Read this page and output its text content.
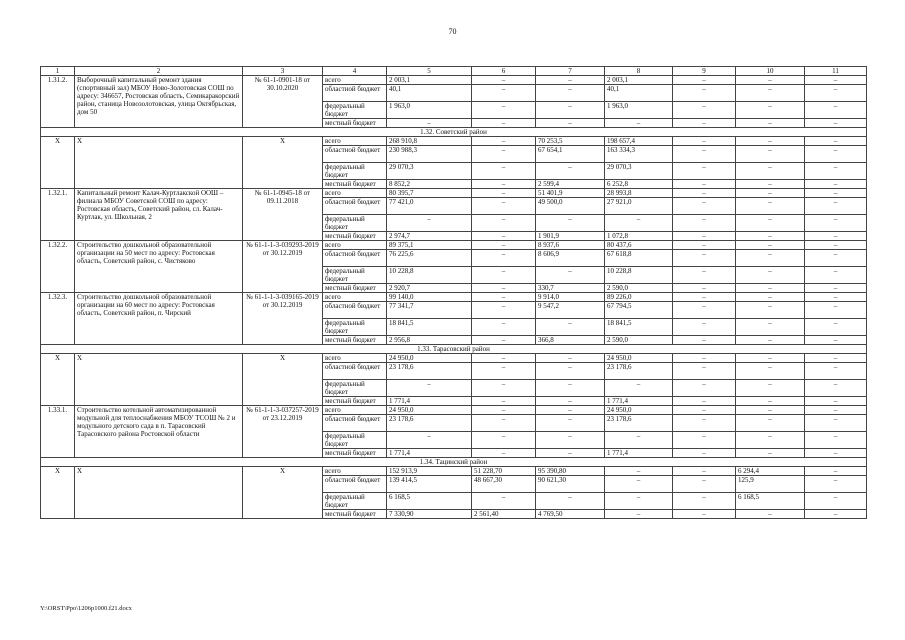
70
1	2	3	4	5	6	7	8	9	10	11
1.31.2.	Выборочный капитальный ремонт здания (спортивный зал) МБОУ Ново-Золотовская СОШ по адресу: 346657, Ростовская область, Семикаракорский район, станица Новозолотовская, улица Октябрьская, дом 50	№ 61-1-0901-18 от 30.10.2020	всего	2 003,1	–	–	2 003,1	–	–	–
			областной бюджет	40,1	–	–	40,1	–	–	–
			федеральный бюджет	1 963,0	–	–	1 963,0	–	–	–
			местный бюджет	–	–	–	–	–	–	–
1.32. Советский район										
Х	Х	Х	всего	268 910,8	–	70 253,5	198 657,4	–	–	–
			областной бюджет	230 988,3	–	67 654,1	163 334,3	–	–	–
			федеральный бюджет	29 070,3	–	–	29 070,3	–	–	–
			местный бюджет	8 852,2	–	2 599,4	6 252,8	–	–	–
1.32.1.	Капитальный ремонт Калач-Куртлакской ООШ – филиала МБОУ Советской СОШ по адресу: Ростовская область, Советский район, сл. Калач-Куртлак, ул. Школьная, 2	№ 61-1-0945-18 от 09.11.2018	всего	80 395,7	–	51 401,9	28 993,8	–	–	–
			областной бюджет	77 421,0	–	49 500,0	27 921,0	–	–	–
			федеральный бюджет	–	–	–	–	–	–	–
			местный бюджет	2 974,7	–	1 901,9	1 072,8	–	–	–
1.32.2.	Строительство дошкольной образовательной организации на 50 мест по адресу: Ростовская область, Советский район, с. Чистяково	№ 61-1-1-3-039293-2019 от 30.12.2019	всего	89 375,1	–	8 937,6	80 437,6	–	–	–
			областной бюджет	76 225,6	–	8 606,9	67 618,8	–	–	–
			федеральный бюджет	10 228,8	–	–	10 228,8	–	–	–
			местный бюджет	2 920,7	–	330,7	2 590,0	–	–	–
1.32.3.	Строительство дошкольной образовательной организации на 60 мест по адресу: Ростовская область, Советский район, п. Чирский	№ 61-1-1-3-039165-2019 от 30.12.2019	всего	99 140,0	–	9 914,0	89 226,0	–	–	–
			областной бюджет	77 341,7	–	9 547,2	67 794,5	–	–	–
			федеральный бюджет	18 841,5	–	–	18 841,5	–	–	–
			местный бюджет	2 956,8	–	366,8	2 590,0	–	–	–
1.33. Тарасовский район										
Х	Х	Х	всего	24 950,0	–	–	24 950,0	–	–	–
			областной бюджет	23 178,6	–	–	23 178,6	–	–	–
			федеральный бюджет	–	–	–	–	–	–	–
			местный бюджет	1 771,4	–	–	1 771,4	–	–	–
1.33.1.	Строительство котельной автоматизированной модульной для теплоснабжения МБОУ ТСОШ № 2 и модульного детского сада в п. Тарасовский Тарасовского района Ростовской области	№ 61-1-1-3-037257-2019 от 23.12.2019	всего	24 950,0	–	–	24 950,0	–	–	–
			областной бюджет	23 178,6	–	–	23 178,6	–	–	–
			федеральный бюджет	–	–	–	–	–	–	–
			местный бюджет	1 771,4	–	–	1 771,4	–	–	–
1.34. Тацинский район										
Х	Х	Х	всего	152 913,9	51 228,70	95 390,80	–	–	6 294,4	–
			областной бюджет	139 414,5	48 667,30	90 621,30	–	–	125,9	–
			федеральный бюджет	6 168,5	–	–	–	–	6 168,5	–
			местный бюджет	7 330,90	2 561,40	4 769,50	–	–	–	–
Y:\ORST\Ppo\1206p1000.f21.docx
